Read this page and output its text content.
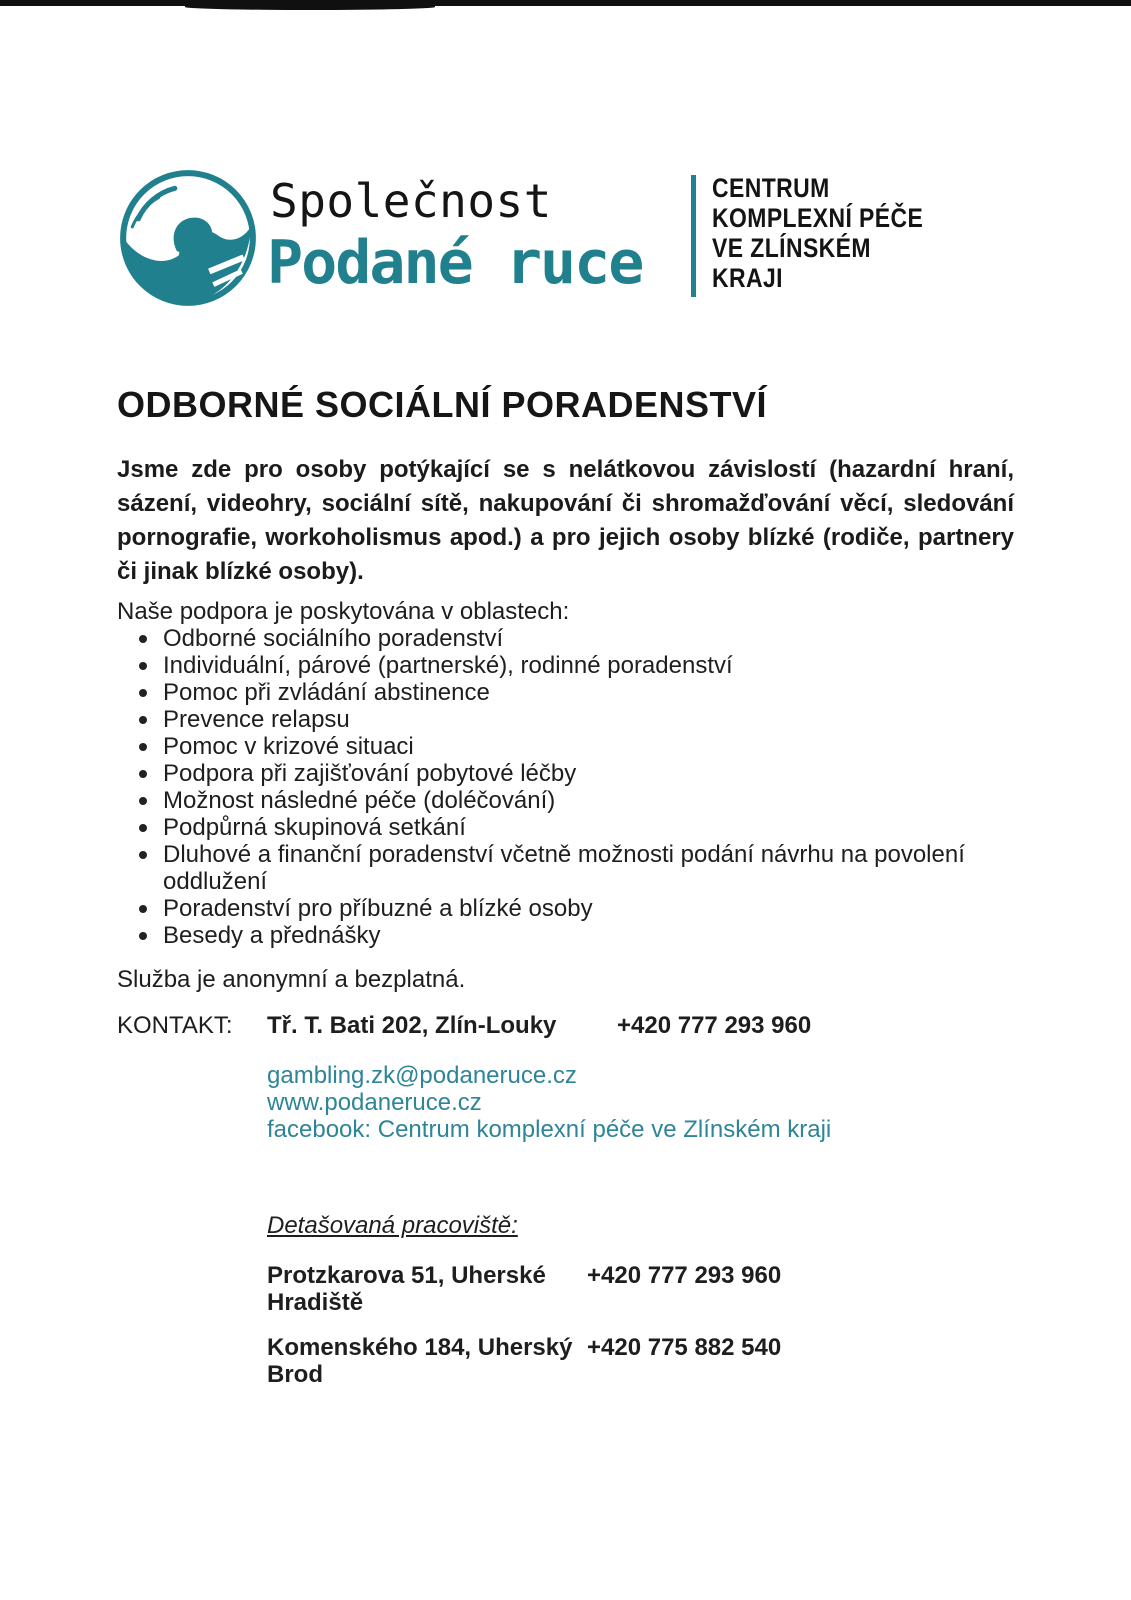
Společnost
Podané ruce
CENTRUM
KOMPLEXNÍ PÉČE
VE ZLÍNSKÉM
KRAJI
ODBORNÉ SOCIÁLNÍ PORADENSTVÍ

Jsme zde pro osoby potýkající se s nelátkovou závislostí (hazardní hraní, sázení, videohry, sociální sítě, nakupování či shromažďování věcí, sledování pornografie, workoholismus apod.) a pro jejich osoby blízké (rodiče, partnery či jinak blízké osoby).

Naše podpora je poskytována v oblastech:

Odborné sociálního poradenství
Individuální, párové (partnerské), rodinné poradenství
Pomoc při zvládání abstinence
Prevence relapsu
Pomoc v krizové situaci
Podpora při zajišťování pobytové léčby
Možnost následné péče (doléčování)
Podpůrná skupinová setkání
Dluhové a finanční poradenství včetně možnosti podání návrhu na povolení oddlužení
Poradenství pro příbuzné a blízké osoby
Besedy a přednášky

Služba je anonymní a bezplatná.

KONTAKT:	Tř. T. Bati 202, Zlín-Louky	+420 777 293 960
gambling.zk@podaneruce.cz
www.podaneruce.cz
facebook: Centrum komplexní péče ve Zlínském kraji
Detašovaná pracoviště:
Protzkarova 51, Uherské Hradiště
+420 777 293 960
Komenského 184, Uherský Brod
+420 775 882 540
